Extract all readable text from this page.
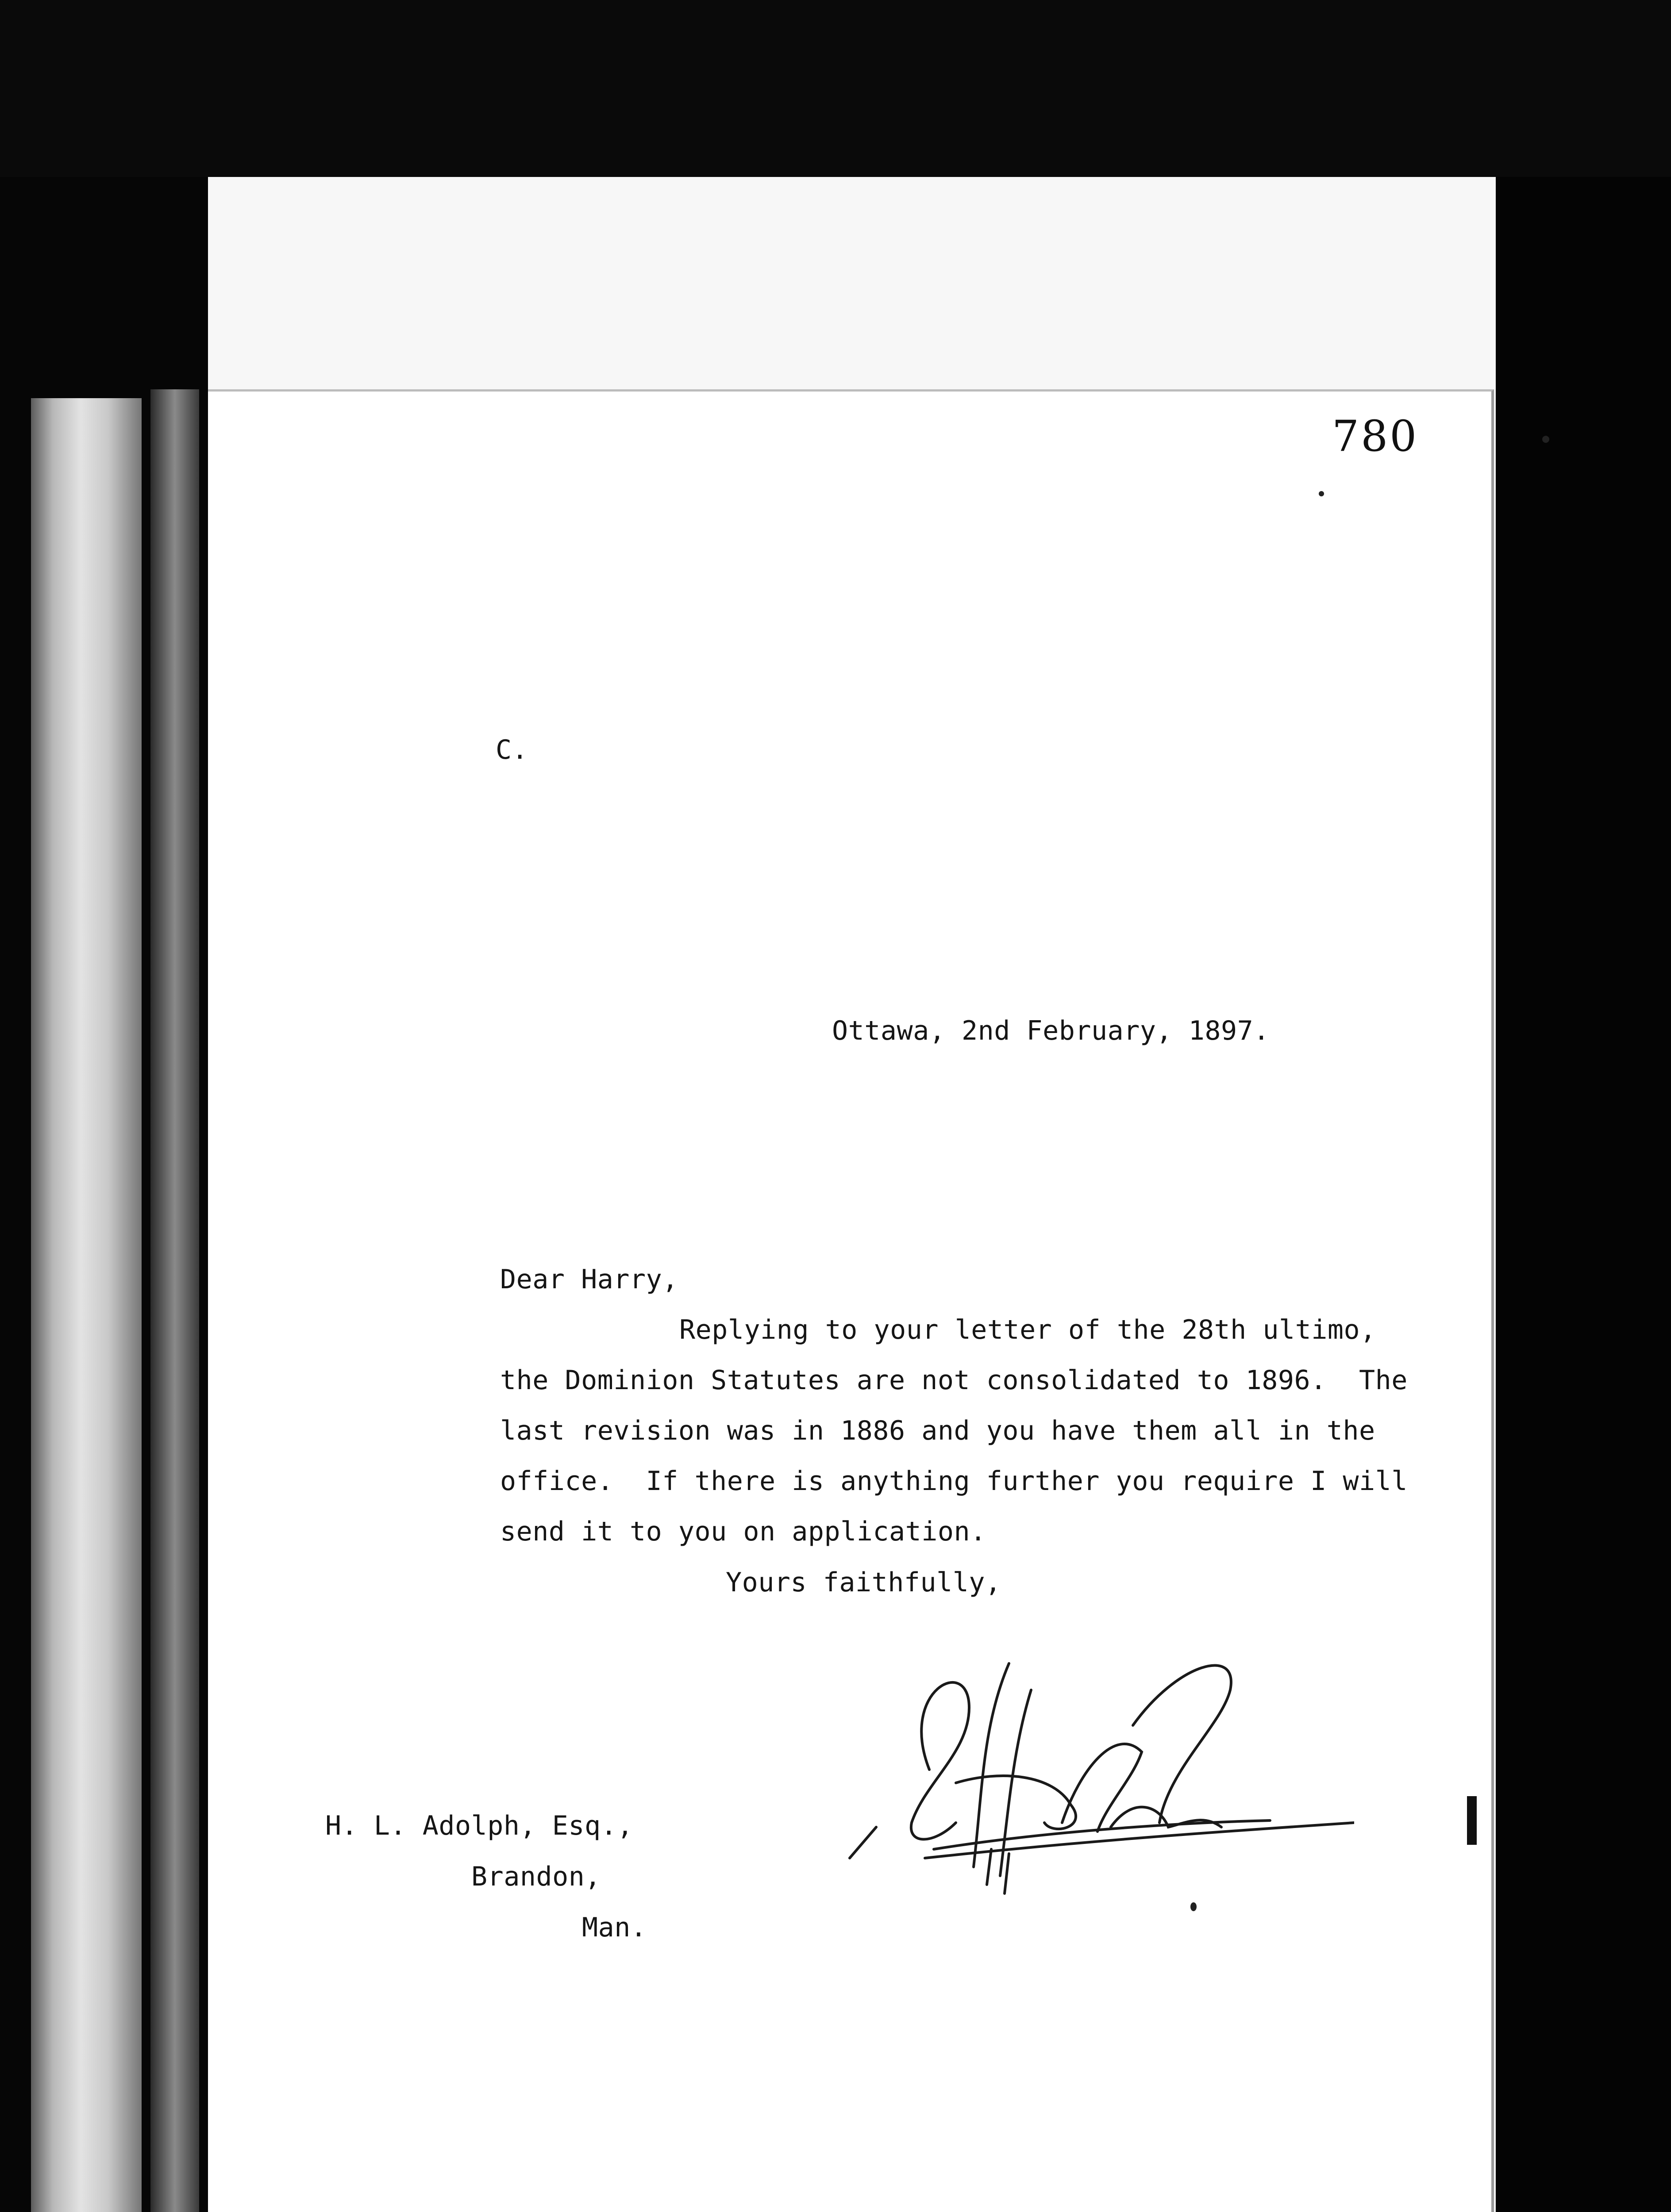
780
C.
Ottawa, 2nd February, 1897.
Dear Harry,
Replying to your letter of the 28th ultimo,
the Dominion Statutes are not consolidated to 1896.  The
last revision was in 1886 and you have them all in the
office.  If there is anything further you require I will
send it to you on application.
Yours faithfully,
H. L. Adolph, Esq.,
Brandon,
Man.
